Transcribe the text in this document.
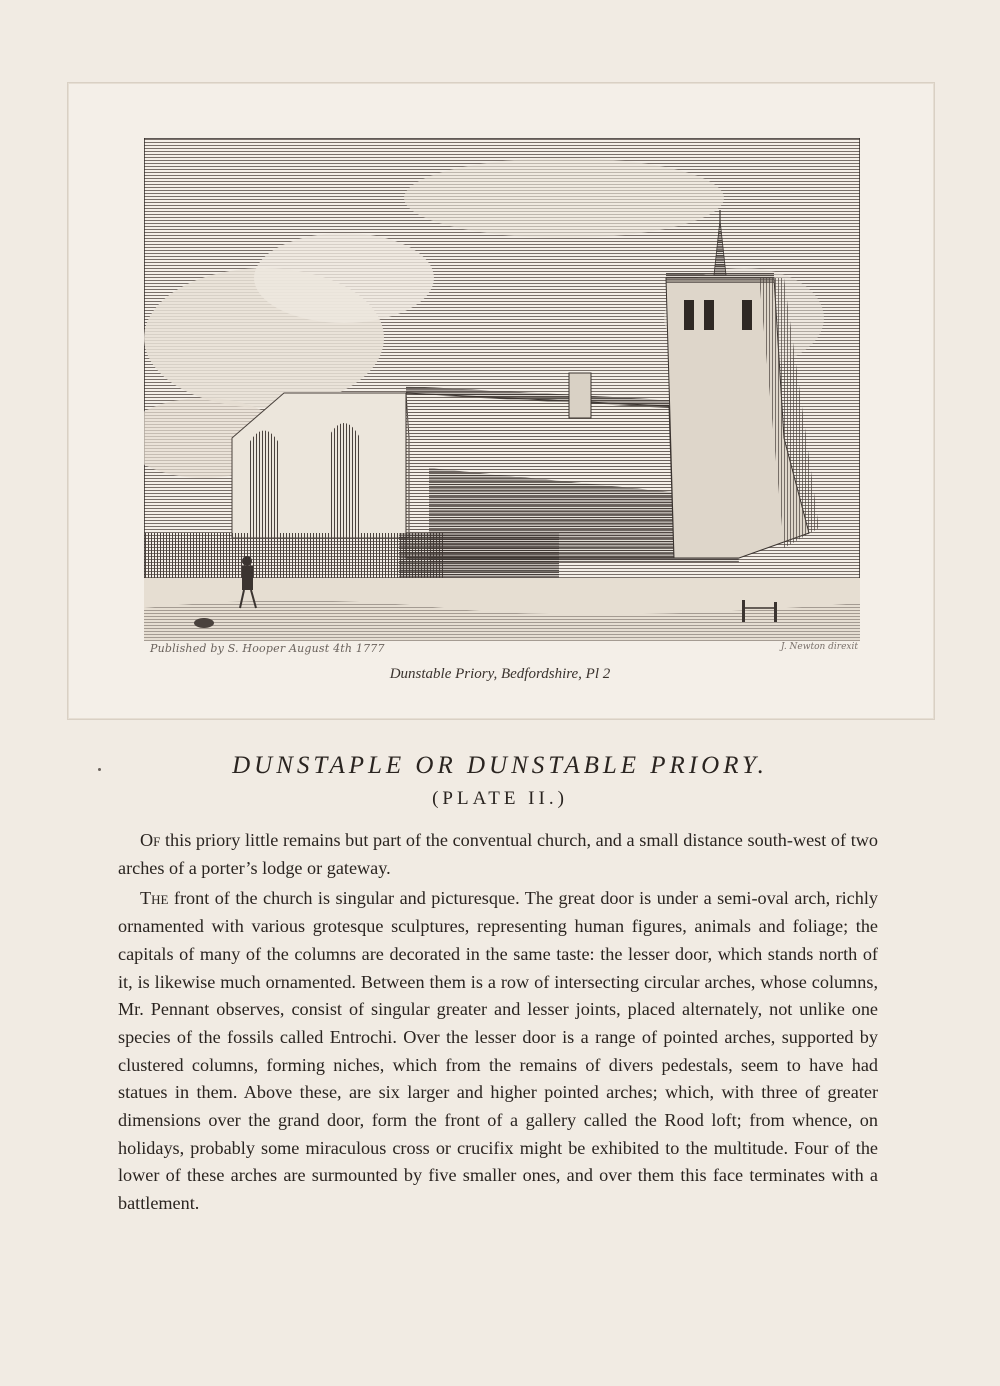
Published by S. Hooper August 4th 1777	J. Newton direxit
Dunstable Priory, Bedfordshire, Pl 2
DUNSTAPLE OR DUNSTABLE PRIORY.
(PLATE II.)

Of this priory little remains but part of the conventual church, and a small distance south-west of two arches of a porter’s lodge or gateway.

The front of the church is singular and picturesque. The great door is under a semi-oval arch, richly ornamented with various grotesque sculptures, representing human figures, animals and foliage; the capitals of many of the columns are decorated in the same taste: the lesser door, which stands north of it, is likewise much ornamented. Between them is a row of intersecting circular arches, whose columns, Mr. Pennant observes, consist of singular greater and lesser joints, placed alternately, not unlike one species of the fossils called Entrochi. Over the lesser door is a range of pointed arches, supported by clustered columns, forming niches, which from the remains of divers pedestals, seem to have had statues in them. Above these, are six larger and higher pointed arches; which, with three of greater dimensions over the grand door, form the front of a gallery called the Rood loft; from whence, on holidays, probably some miraculous cross or crucifix might be exhibited to the multitude. Four of the lower of these arches are surmounted by five smaller ones, and over them this face terminates with a battlement.
